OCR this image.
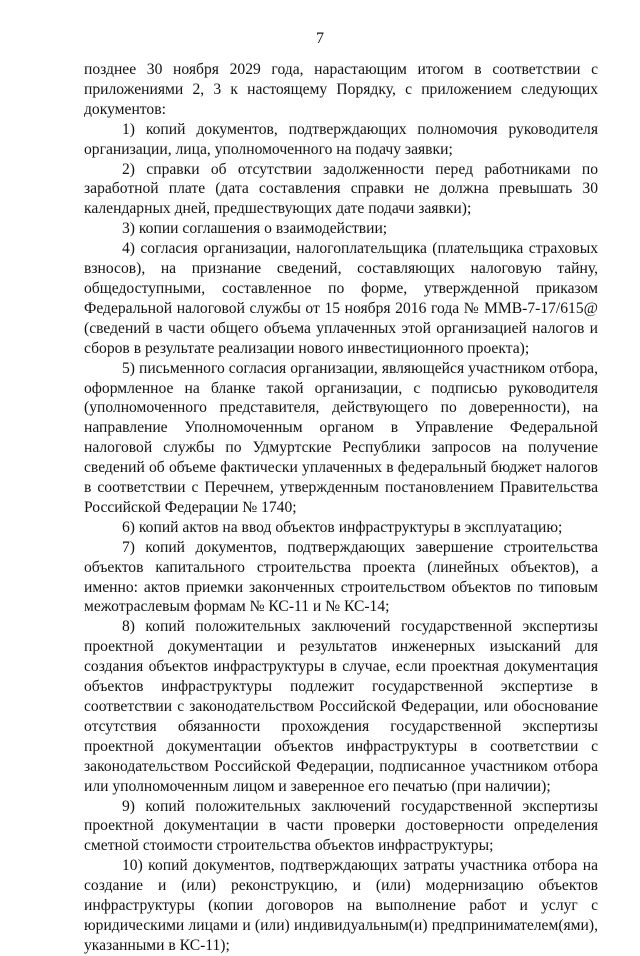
7

позднее 30 ноября 2029 года, нарастающим итогом в соответствии с приложениями 2, 3 к настоящему Порядку, с приложением следующих документов:

1) копий документов, подтверждающих полномочия руководителя организации, лица, уполномоченного на подачу заявки;

2) справки об отсутствии задолженности перед работниками по заработной плате (дата составления справки не должна превышать 30 календарных дней, предшествующих дате подачи заявки);

3) копии соглашения о взаимодействии;

4) согласия организации, налогоплательщика (плательщика страховых взносов), на признание сведений, составляющих налоговую тайну, общедоступными, составленное по форме, утвержденной приказом Федеральной налоговой службы от 15 ноября 2016 года № ММВ-7-17/615@ (сведений в части общего объема уплаченных этой организацией налогов и сборов в результате реализации нового инвестиционного проекта);

5) письменного согласия организации, являющейся участником отбора, оформленное на бланке такой организации, с подписью руководителя (уполномоченного представителя, действующего по доверенности), на направление Уполномоченным органом в Управление Федеральной налоговой службы по Удмуртские Республики запросов на получение сведений об объеме фактически уплаченных в федеральный бюджет налогов в соответствии с Перечнем, утвержденным постановлением Правительства Российской Федерации № 1740;

6) копий актов на ввод объектов инфраструктуры в эксплуатацию;

7) копий документов, подтверждающих завершение строительства объектов капитального строительства проекта (линейных объектов), а именно: актов приемки законченных строительством объектов по типовым межотраслевым формам № КС-11 и № КС-14;

8) копий положительных заключений государственной экспертизы проектной документации и результатов инженерных изысканий для создания объектов инфраструктуры в случае, если проектная документация объектов инфраструктуры подлежит государственной экспертизе в соответствии с законодательством Российской Федерации, или обоснование отсутствия обязанности прохождения государственной экспертизы проектной документации объектов инфраструктуры в соответствии с законодательством Российской Федерации, подписанное участником отбора или уполномоченным лицом и заверенное его печатью (при наличии);

9) копий положительных заключений государственной экспертизы проектной документации в части проверки достоверности определения сметной стоимости строительства объектов инфраструктуры;

10) копий документов, подтверждающих затраты участника отбора на создание и (или) реконструкцию, и (или) модернизацию объектов инфраструктуры (копии договоров на выполнение работ и услуг с юридическими лицами и (или) индивидуальным(и) предпринимателем(ями), указанными в КС-11);
